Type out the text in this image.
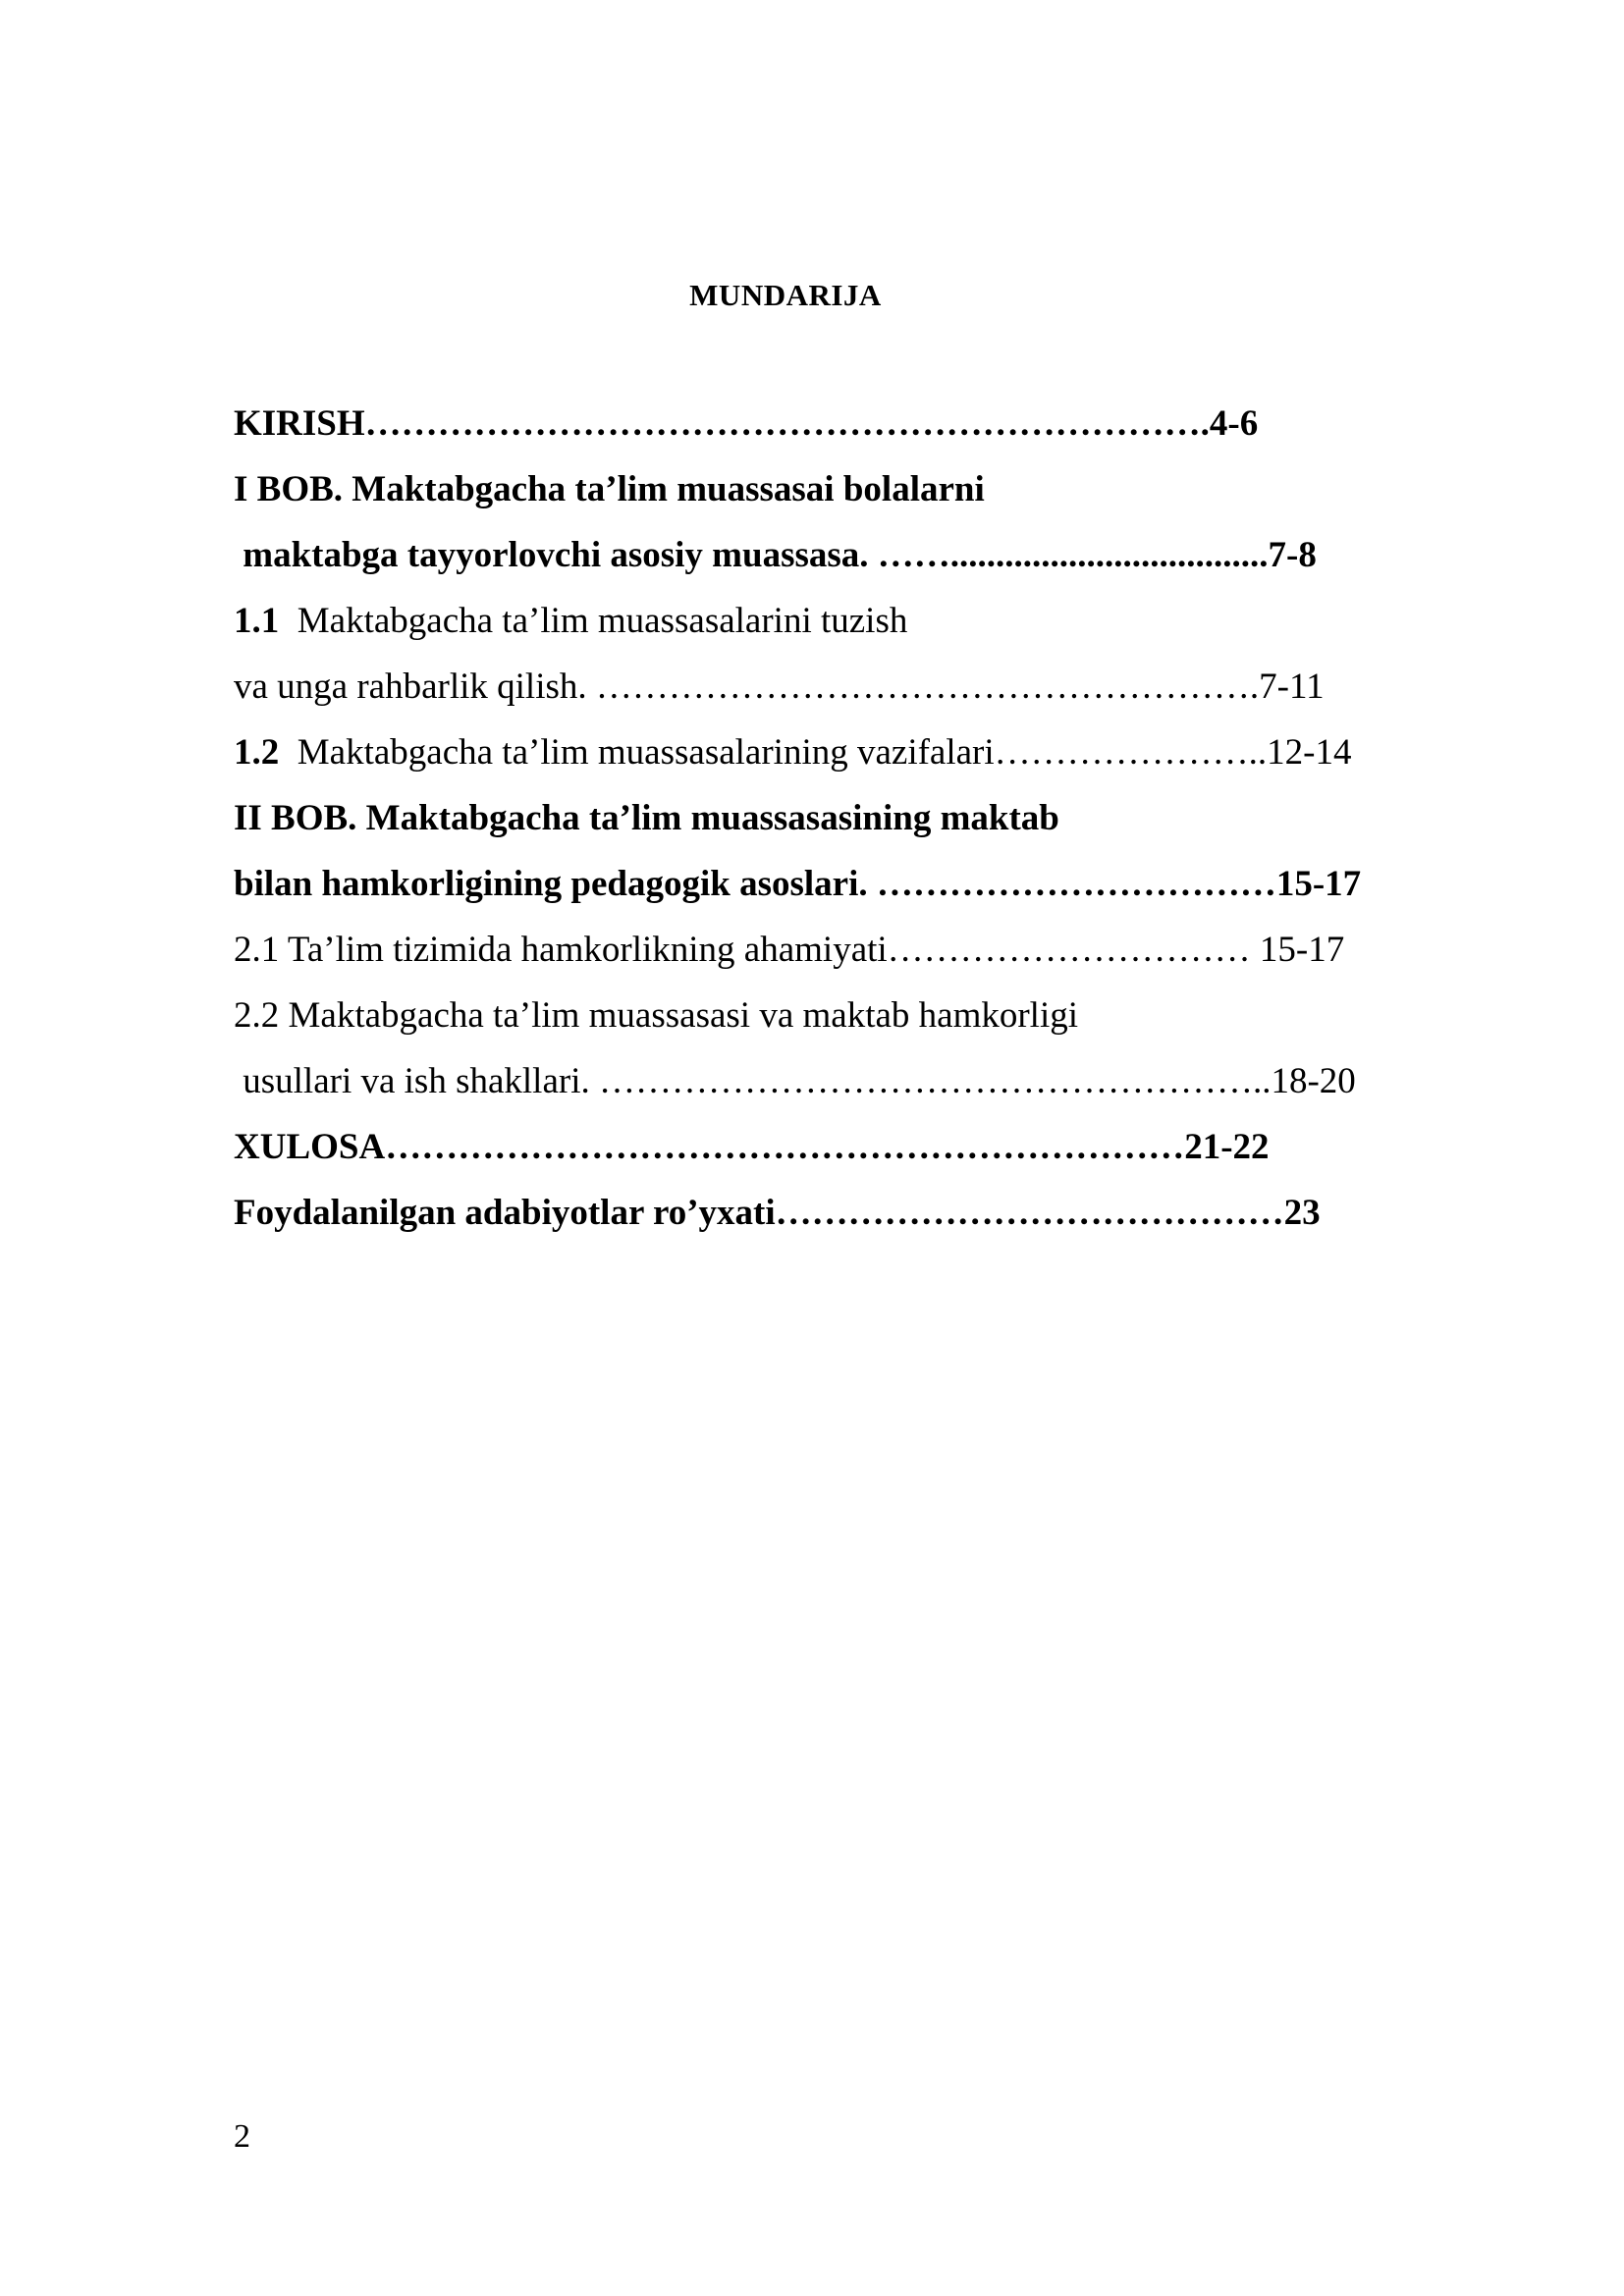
MUNDARIJA
KIRISH…………………………………………………………….4-6
I BOB. Maktabgacha ta’lim muassasai bolalarni
maktabga tayyorlovchi asosiy muassasa. ……...................................7-8
1.1  Maktabgacha ta’lim muassasalarini tuzish
va unga rahbarlik qilish. ……………………………………………….7-11
1.2  Maktabgacha ta’lim muassasalarining vazifalari…………………..12-14
II BOB. Maktabgacha ta’lim muassasasining maktab
bilan hamkorligining pedagogik asoslari. ……………………………15-17
2.1 Ta’lim tizimida hamkorlikning ahamiyati………………………… 15-17
2.2 Maktabgacha ta’lim muassasasi va maktab hamkorligi
usullari va ish shakllari. ………………………………………………..18-20
XULOSA…………………………………………………………21-22
Foydalanilgan adabiyotlar ro’yxati……………………………………23
2
